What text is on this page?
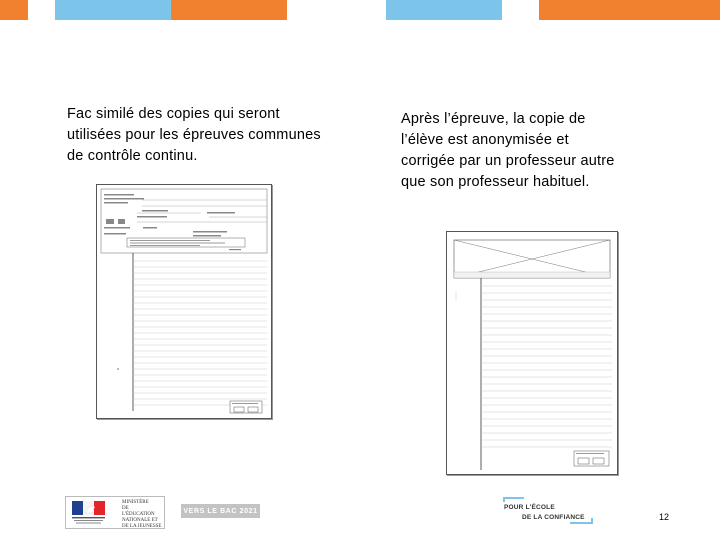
Fac similé des copies qui seront utilisées pour les épreuves communes de contrôle continu.
Après l’épreuve, la copie de l’élève est anonymisée et corrigée par un professeur autre que son professeur habituel.
MINISTÈRE
DE L'ÉDUCATION
NATIONALE ET
DE LA JEUNESSE
VERS LE BAC 2021	POUR L'ÉCOLE
DE LA CONFIANCE	12
